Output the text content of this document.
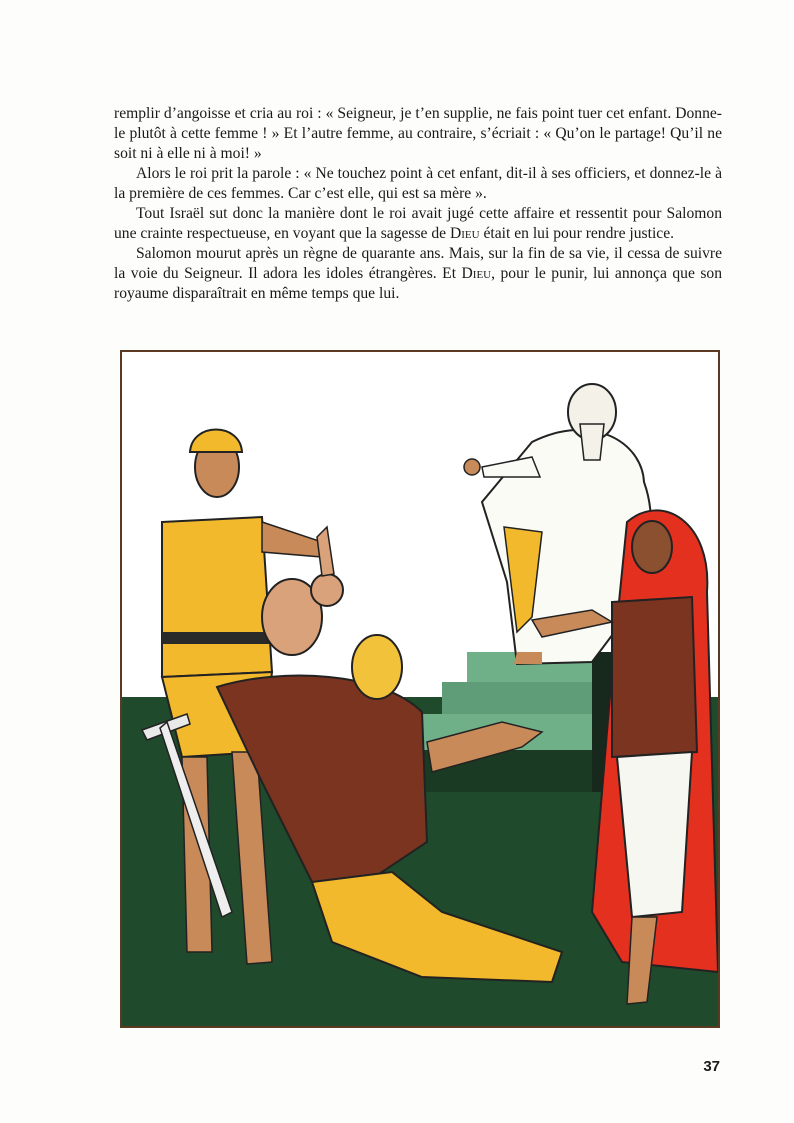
remplir d’angoisse et cria au roi : « Seigneur, je t’en supplie, ne fais point tuer cet enfant. Donne-le plutôt à cette femme ! » Et l’autre femme, au contraire, s’écriait : « Qu’on le partage! Qu’il ne soit ni à elle ni à moi! »

Alors le roi prit la parole : « Ne touchez point à cet enfant, dit-il à ses officiers, et donnez-le à la première de ces femmes. Car c’est elle, qui est sa mère ».

Tout Israël sut donc la manière dont le roi avait jugé cette affaire et ressentit pour Salomon une crainte respectueuse, en voyant que la sagesse de Dieu était en lui pour rendre justice.

Salomon mourut après un règne de quarante ans. Mais, sur la fin de sa vie, il cessa de suivre la voie du Seigneur. Il adora les idoles étrangères. Et Dieu, pour le punir, lui annonça que son royaume disparaîtrait en même temps que lui.

37
